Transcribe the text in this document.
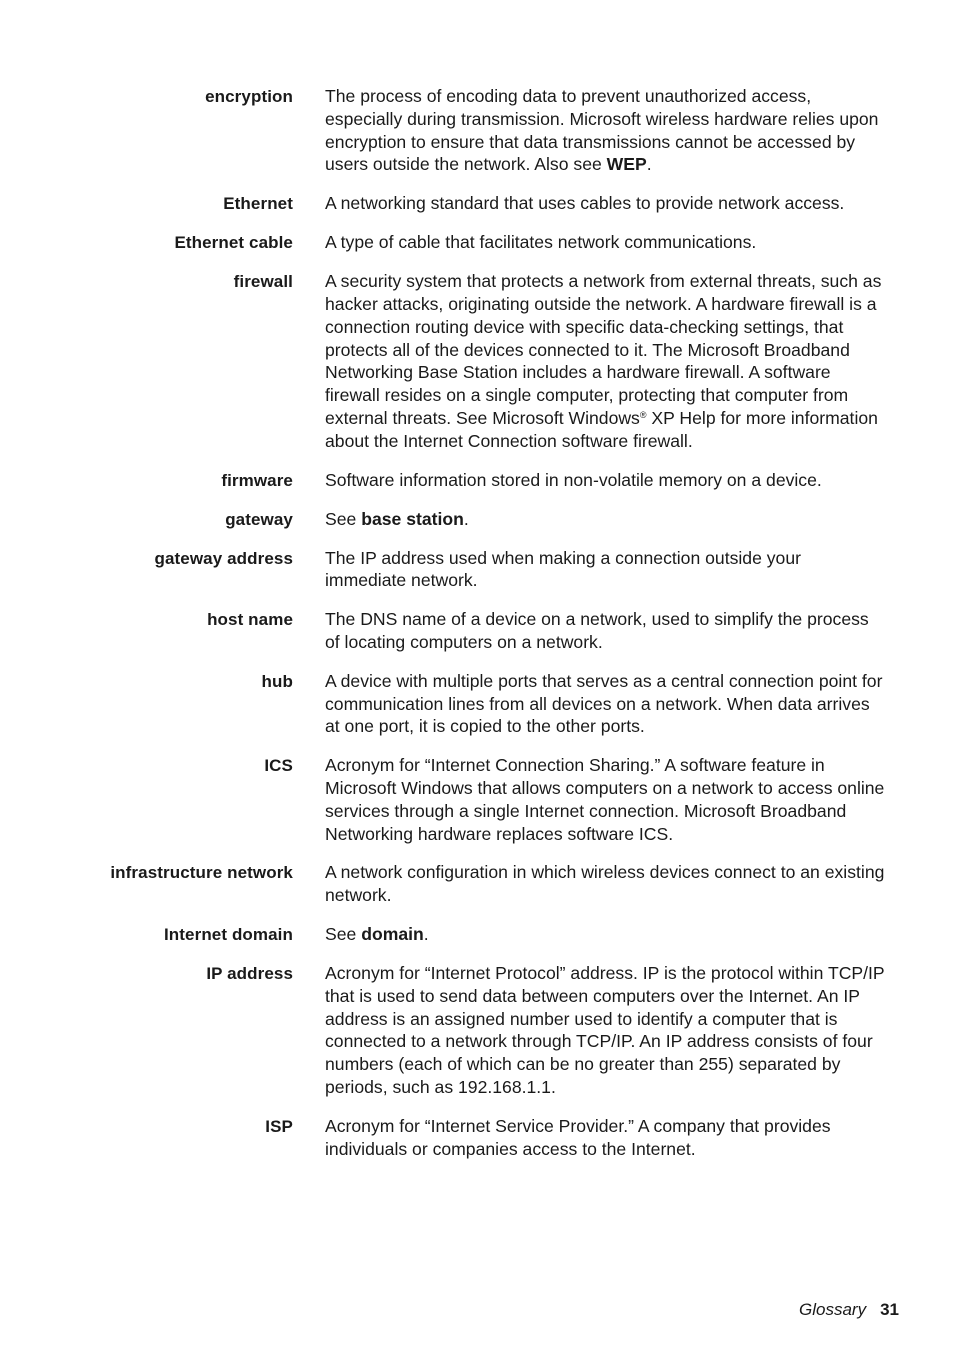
encryption The process of encoding data to prevent unauthorized access, especially during transmission. Microsoft wireless hardware relies upon encryption to ensure that data transmissions cannot be accessed by users outside the network. Also see WEP.
Ethernet A networking standard that uses cables to provide network access.
Ethernet cable A type of cable that facilitates network communications.
firewall A security system that protects a network from external threats, such as hacker attacks, originating outside the network. A hardware firewall is a connection routing device with specific data-checking settings, that protects all of the devices connected to it. The Microsoft Broadband Networking Base Station includes a hardware firewall. A software firewall resides on a single computer, protecting that computer from external threats. See Microsoft Windows® XP Help for more information about the Internet Connection software firewall.
firmware Software information stored in non-volatile memory on a device.
gateway See base station.
gateway address The IP address used when making a connection outside your immediate network.
host name The DNS name of a device on a network, used to simplify the process of locating computers on a network.
hub A device with multiple ports that serves as a central connection point for communication lines from all devices on a network. When data arrives at one port, it is copied to the other ports.
ICS Acronym for “Internet Connection Sharing.” A software feature in Microsoft Windows that allows computers on a network to access online services through a single Internet connection. Microsoft Broadband Networking hardware replaces software ICS.
infrastructure network A network configuration in which wireless devices connect to an existing network.
Internet domain See domain.
IP address Acronym for “Internet Protocol” address. IP is the protocol within TCP/IP that is used to send data between computers over the Internet. An IP address is an assigned number used to identify a computer that is connected to a network through TCP/IP. An IP address consists of four numbers (each of which can be no greater than 255) separated by periods, such as 192.168.1.1.
ISP Acronym for “Internet Service Provider.” A company that provides individuals or companies access to the Internet.
Glossary 31
